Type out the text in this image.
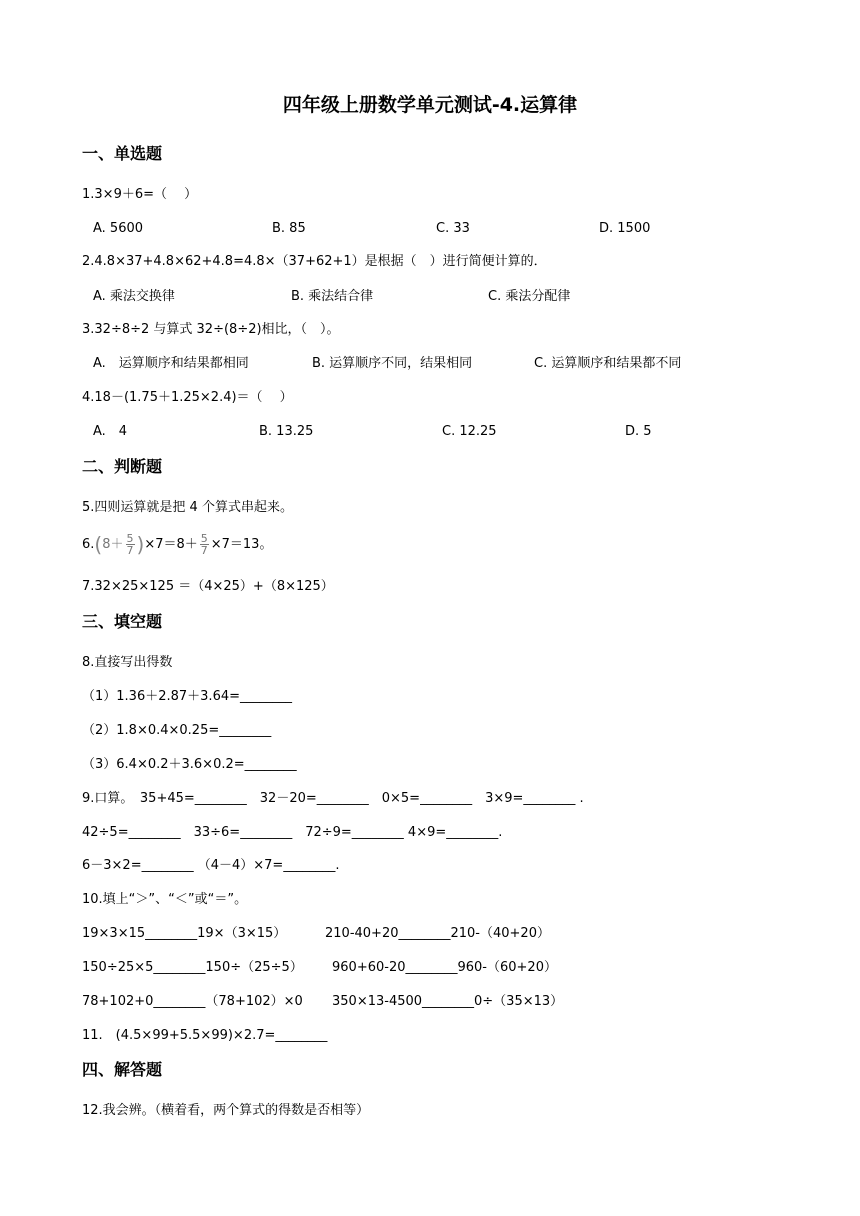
四年级上册数学单元测试-4.运算律
一、单选题
1.3×9＋6=（　 ）
A. 5600	B. 85	C. 33	D. 1500
2.4.8×37+4.8×62+4.8=4.8×（37+62+1）是根据（　）进行简便计算的．
A. 乘法交换律	B. 乘法结合律	C. 乘法分配律
3.32÷8÷2 与算式 32÷(8÷2)相比，（　）。
A.　运算顺序和结果都相同	B. 运算顺序不同，结果相同	C. 运算顺序和结果都不同
4.18－(1.75＋1.25×2.4)＝（　 ）
A.　4	B. 13.25	C. 12.25	D. 5
二、判断题
5.四则运算就是把 4 个算式串起来。
$6.(8+ \frac{5}{7} )\times 7=8+ \frac{5}{7} \times 7=13$。
7.32×25×125 ＝（4×25）+（8×125）
三、填空题
8.直接写出得数
（1）1.36＋2.87＋3.64=________
（2）1.8×0.4×0.25=________
（3）6.4×0.2＋3.6×0.2=________
9.口算。　35+45=________　32－20=________　0×5=________　3×9=________ .
42÷5=________　33÷6=________　72÷9=________ 4×9=________.
6－3×2=________ （4－4）×7=________.
10.填上“＞”、“＜”或“＝”。
19×3×15________19×（3×15）	210-40+20________210-（40+20）
150÷25×5________150÷（25÷5） 960+60-20________960-（60+20）
78+102+0________（78+102）×0 350×13-4500________0÷（35×13）
11.　(4.5×99+5.5×99)×2.7=________
四、解答题
12.我会辨。（横着看，两个算式的得数是否相等）
